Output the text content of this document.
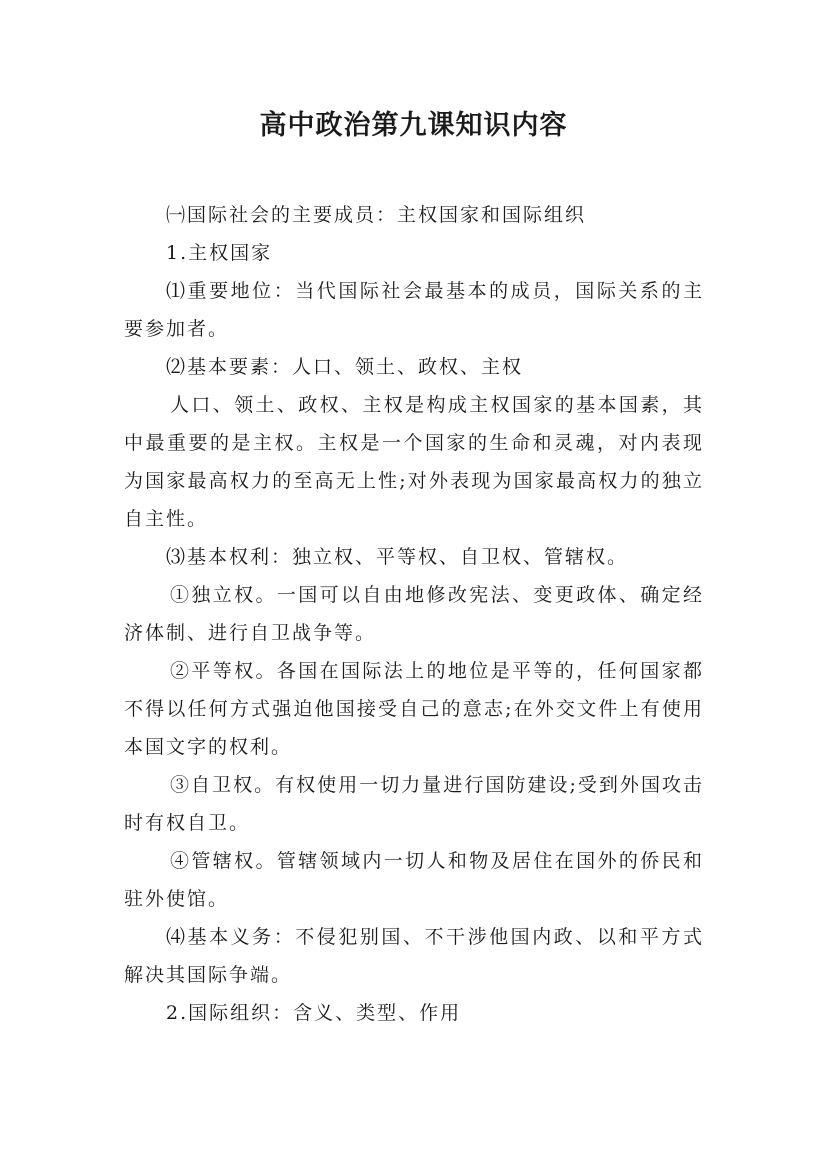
高中政治第九课知识内容

㈠国际社会的主要成员：主权国家和国际组织

1.主权国家

⑴重要地位：当代国际社会最基本的成员，国际关系的主要参加者。

⑵基本要素：人口、领土、政权、主权

人口、领土、政权、主权是构成主权国家的基本国素，其中最重要的是主权。主权是一个国家的生命和灵魂，对内表现为国家最高权力的至高无上性;对外表现为国家最高权力的独立自主性。

⑶基本权利：独立权、平等权、自卫权、管辖权。

①独立权。一国可以自由地修改宪法、变更政体、确定经济体制、进行自卫战争等。

②平等权。各国在国际法上的地位是平等的，任何国家都不得以任何方式强迫他国接受自己的意志;在外交文件上有使用本国文字的权利。

③自卫权。有权使用一切力量进行国防建设;受到外国攻击时有权自卫。

④管辖权。管辖领域内一切人和物及居住在国外的侨民和驻外使馆。

⑷基本义务：不侵犯别国、不干涉他国内政、以和平方式解决其国际争端。

2.国际组织：含义、类型、作用
